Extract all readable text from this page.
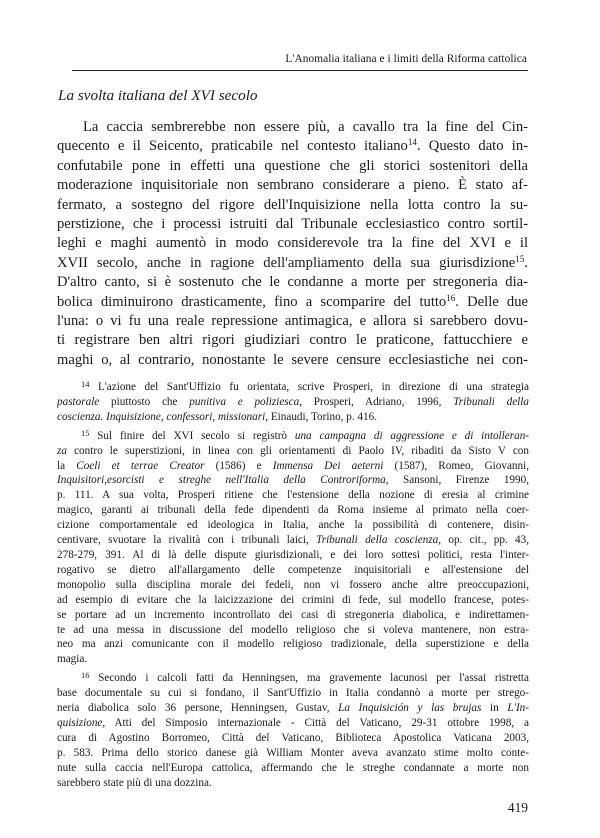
L'Anomalia italiana e i limiti della Riforma cattolica
La svolta italiana del XVI secolo
La caccia sembrerebbe non essere più, a cavallo tra la fine del Cin-
quecento e il Seicento, praticabile nel contesto italiano$^{14}$. Questo dato in-
confutabile pone in effetti una questione che gli storici sostenitori della
moderazione inquisitoriale non sembrano considerare a pieno. È stato af-
fermato, a sostegno del rigore dell'Inquisizione nella lotta contro la su-
perstizione, che i processi istruiti dal Tribunale ecclesiastico contro sortil-
leghi e maghi aumentò in modo considerevole tra la fine del XVI e il
XVII secolo, anche in ragione dell'ampliamento della sua giurisdizione$^{15}$.
D'altro canto, si è sostenuto che le condanne a morte per stregoneria dia-
bolica diminuirono drasticamente, fino a scomparire del tutto$^{16}$. Delle due
l'una: o vi fu una reale repressione antimagica, e allora si sarebbero dovu-
ti registrare ben altri rigori giudiziari contro le praticone, fattucchiere e
maghi o, al contrario, nonostante le severe censure ecclesiastiche nei con-
$^{14}$ L'azione del Sant'Uffizio fu orientata, scrive Prosperi, in direzione di una strategia
pastorale piuttosto che punitiva e poliziesca, Prosperi, Adriano, 1996, Tribunali della
coscienza. Inquisizione, confessori, missionari, Einaudi, Torino, p. 416.
$^{15}$ Sul finire del XVI secolo si registrò una campagna di aggressione e di intolleran-
za contro le superstizioni, in linea con gli orientamenti di Paolo IV, ribaditi da Sisto V con
la Coeli et terrae Creator (1586) e Immensa Dei aeterni (1587), Romeo, Giovanni,
Inquisitori,esorcisti e streghe nell'Italia della Controriforma, Sansoni, Firenze 1990,
p. 111. A sua volta, Prosperi ritiene che l'estensione della nozione di eresia al crimine
magico, garanti ai tribunali della fede dipendenti da Roma insieme al primato nella coer-
cizione comportamentale ed ideologica in Italia, anche la possibilità di contenere, disin-
centivare, svuotare la rivalità con i tribunali laici, Tribunali della coscienza, op. cit., pp. 43,
278-279, 391. Al di là delle dispute giurisdizionali, e dei loro sottesi politici, resta l'inter-
rogativo se dietro all'allargamento delle competenze inquisitoriali e all'estensione del
monopolio sulla disciplina morale dei fedeli, non vi fossero anche altre preoccupazioni,
ad esempio di evitare che la laicizzazione dei crimini di fede, sul modello francese, potes-
se portare ad un incremento incontrollato dei casi di stregoneria diabolica, e indirettamen-
te ad una messa in discussione del modello religioso che si voleva mantenere, non estra-
neo ma anzi comunicante con il modello religioso tradizionale, della superstizione e della
magia.
$^{16}$ Secondo i calcoli fatti da Henningsen, ma gravemente lacunosi per l'assai ristretta
base documentale su cui si fondano, il Sant'Uffizio in Italia condannò a morte per strego-
neria diabolica solo 36 persone, Henningsen, Gustav, La Inquisición y las brujas in L'In-
quisizione, Atti del Simposio internazionale - Città del Vaticano, 29-31 ottobre 1998, a
cura di Agostino Borromeo, Città del Vaticano, Biblioteca Apostolica Vaticana 2003,
p. 583. Prima dello storico danese già William Monter aveva avanzato stime molto conte-
nute sulla caccia nell'Europa cattolica, affermando che le streghe condannate a morte non
sarebbero state più di una dozzina.
419
